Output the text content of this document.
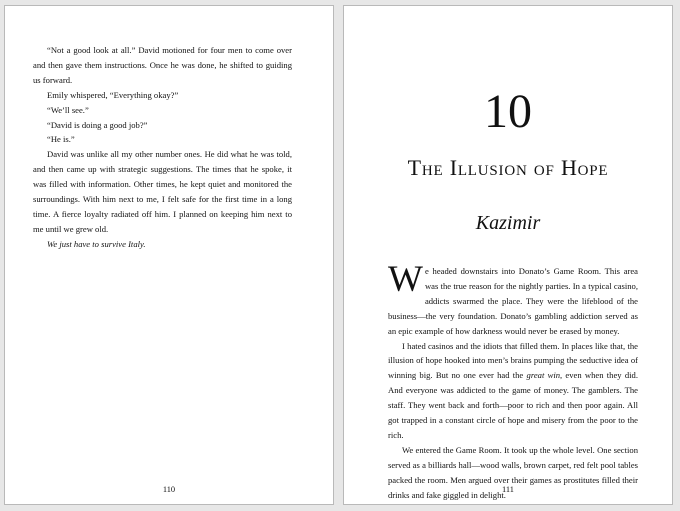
“Not a good look at all.” David motioned for four men to come over and then gave them instructions. Once he was done, he shifted to guiding us forward.

Emily whispered, “Everything okay?”

“We’ll see.”

“David is doing a good job?”

“He is.”

David was unlike all my other number ones. He did what he was told, and then came up with strategic suggestions. The times that he spoke, it was filled with information. Other times, he kept quiet and monitored the surroundings. With him next to me, I felt safe for the first time in a long time. A fierce loyalty radiated off him. I planned on keeping him next to me until we grew old.

We just have to survive Italy.

110
10
The Illusion of Hope
Kazimir

We headed downstairs into Donato’s Game Room. This area was the true reason for the nightly parties. In a typical casino, addicts swarmed the place. They were the lifeblood of the business—the very foundation. Donato’s gambling addiction served as an epic example of how darkness would never be erased by money.

I hated casinos and the idiots that filled them. In places like that, the illusion of hope hooked into men’s brains pumping the seductive idea of winning big. But no one ever had the great win, even when they did. And everyone was addicted to the game of money. The gamblers. The staff. They went back and forth—poor to rich and then poor again. All got trapped in a constant circle of hope and misery from the poor to the rich.

We entered the Game Room. It took up the whole level. One section served as a billiards hall—wood walls, brown carpet, red felt pool tables packed the room. Men argued over their games as prostitutes filled their drinks and fake giggled in delight.

111
